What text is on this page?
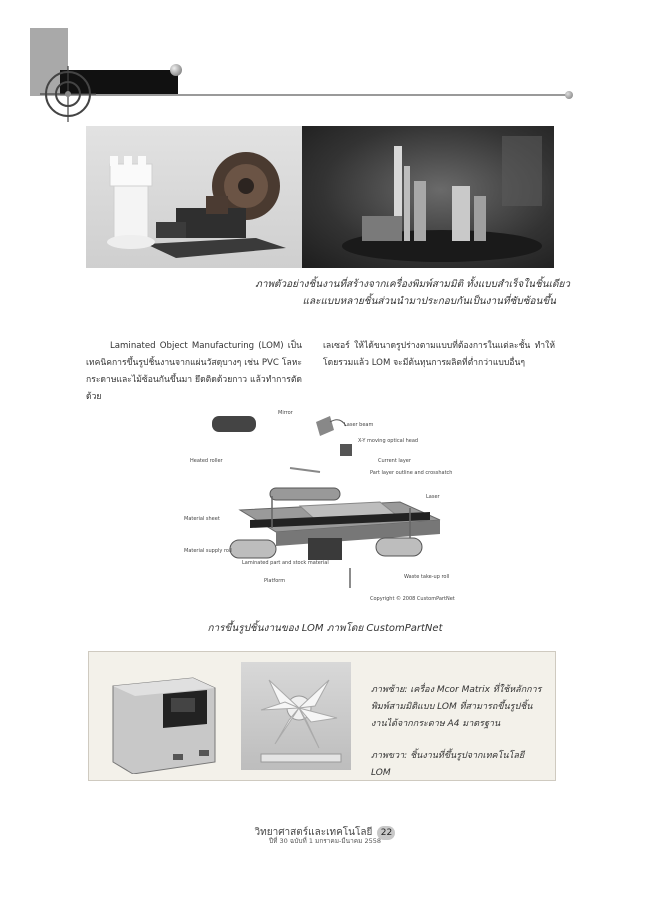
ภาพตัวอย่างชิ้นงานที่สร้างจากเครื่องพิมพ์สามมิติ ทั้งแบบสำเร็จในชิ้นเดียว
และแบบหลายชิ้นส่วนนำมาประกอบกันเป็นงานที่ซับซ้อนขึ้น
Laminated Object Manufacturing (LOM) เป็นเทคนิคการขึ้นรูปชิ้นงานจากแผ่นวัสดุบางๆ เช่น PVC โลหะ กระดาษและไม้ซ้อนกันขึ้นมา ยึดติดด้วยกาว แล้วทำการตัดด้วย
เลเซอร์ ให้ได้ขนาดรูปร่างตามแบบที่ต้องการในแต่ละชั้น ทำให้โดยรวมแล้ว LOM จะมีต้นทุนการผลิตที่ต่ำกว่าแบบอื่นๆ
Mirror
Laser beam
X-Y moving optical head
Current layer
Part layer outline and crosshatch
Laser
Heated roller
Material sheet
Material supply roll
Laminated part and stock material
Platform
Waste take-up roll
Copyright © 2008 CustomPartNet
การขึ้นรูปชิ้นงานของ LOM ภาพโดย CustomPartNet
ภาพซ้าย: เครื่อง Mcor Matrix ที่ใช้หลักการพิมพ์สามมิติแบบ LOM ที่สามารถขึ้นรูปชิ้นงานได้จากกระดาษ A4 มาตรฐาน
ภาพขวา: ชิ้นงานที่ขึ้นรูปจากเทคโนโลยี LOM
วิทยาศาสตร์และเทคโนโลยี 22
ปีที่ 30 ฉบับที่ 1 มกราคม-มีนาคม 2558
